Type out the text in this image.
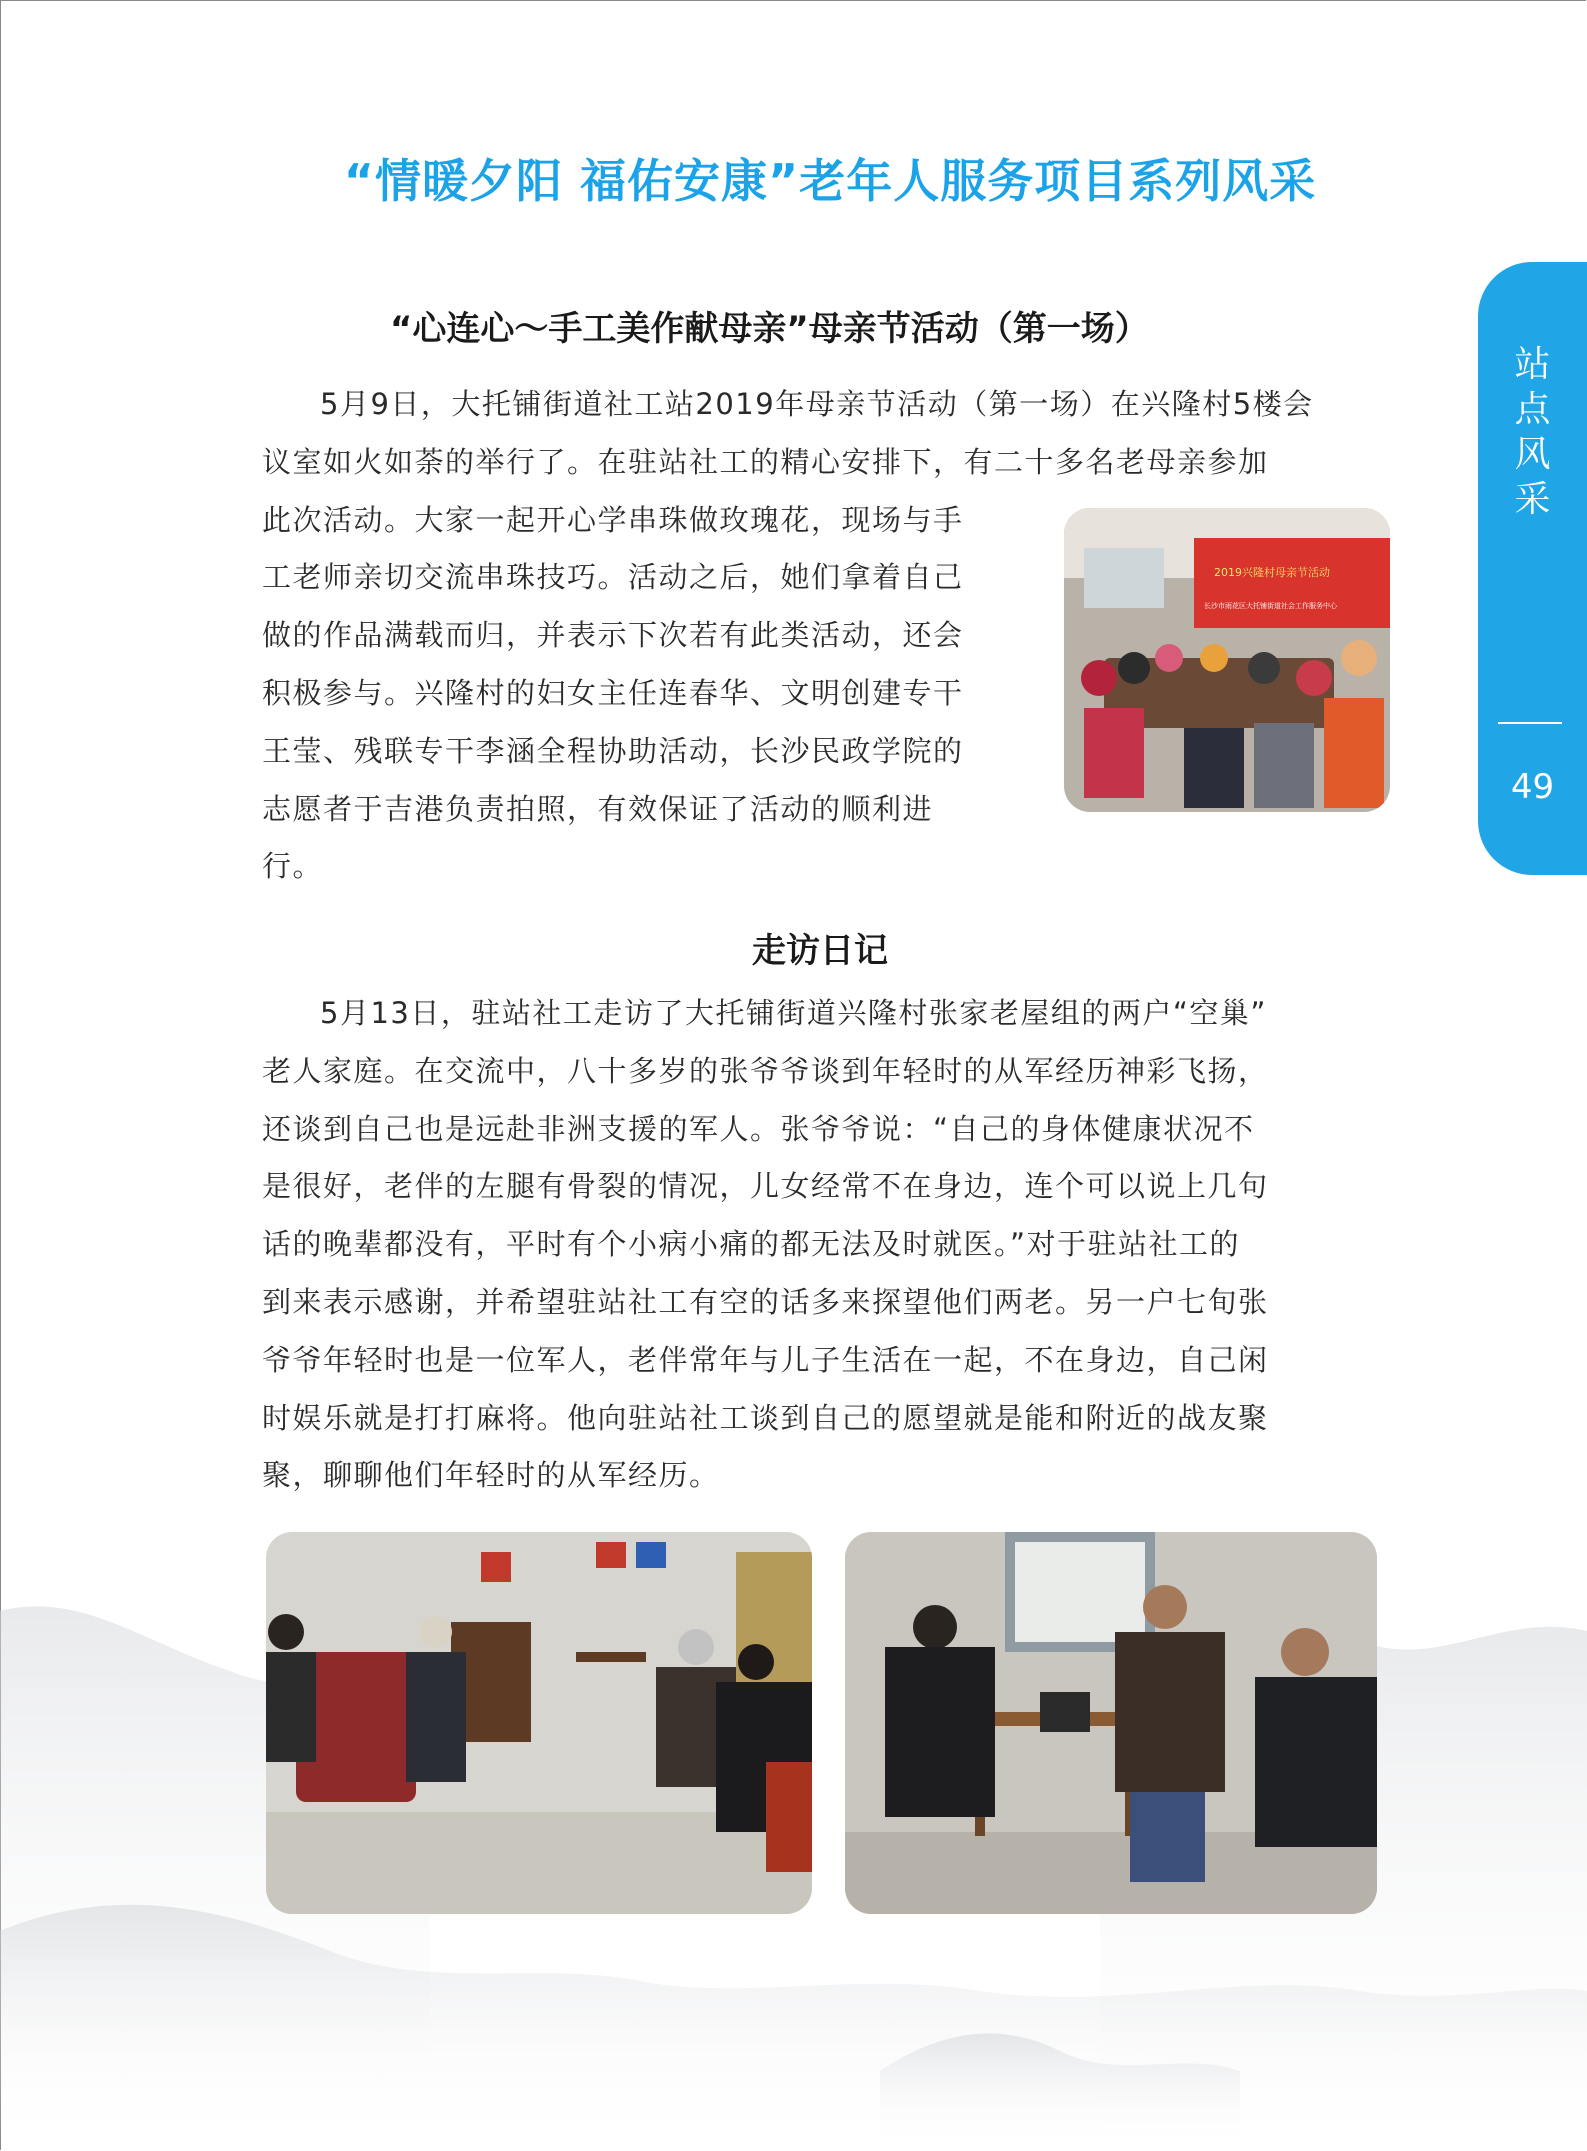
“情暖夕阳 福佑安康”老年人服务项目系列风采
站
点
风
采
49
“心连心～手工美作献母亲”母亲节活动（第一场）
5月9日，大托铺街道社工站2019年母亲节活动（第一场）在兴隆村5楼会
议室如火如荼的举行了。在驻站社工的精心安排下，有二十多名老母亲参加
此次活动。大家一起开心学串珠做玫瑰花，现场与手
工老师亲切交流串珠技巧。活动之后，她们拿着自己
做的作品满载而归，并表示下次若有此类活动，还会
积极参与。兴隆村的妇女主任连春华、文明创建专干
王莹、残联专干李涵全程协助活动，长沙民政学院的
志愿者于吉港负责拍照，有效保证了活动的顺利进
行。
2019兴隆村母亲节活动
长沙市雨花区大托铺街道社会工作服务中心
走访日记
5月13日，驻站社工走访了大托铺街道兴隆村张家老屋组的两户“空巢”
老人家庭。在交流中，八十多岁的张爷爷谈到年轻时的从军经历神彩飞扬，
还谈到自己也是远赴非洲支援的军人。张爷爷说：“自己的身体健康状况不
是很好，老伴的左腿有骨裂的情况，儿女经常不在身边，连个可以说上几句
话的晚辈都没有，平时有个小病小痛的都无法及时就医。”对于驻站社工的
到来表示感谢，并希望驻站社工有空的话多来探望他们两老。另一户七旬张
爷爷年轻时也是一位军人，老伴常年与儿子生活在一起，不在身边，自己闲
时娱乐就是打打麻将。他向驻站社工谈到自己的愿望就是能和附近的战友聚
聚，聊聊他们年轻时的从军经历。
